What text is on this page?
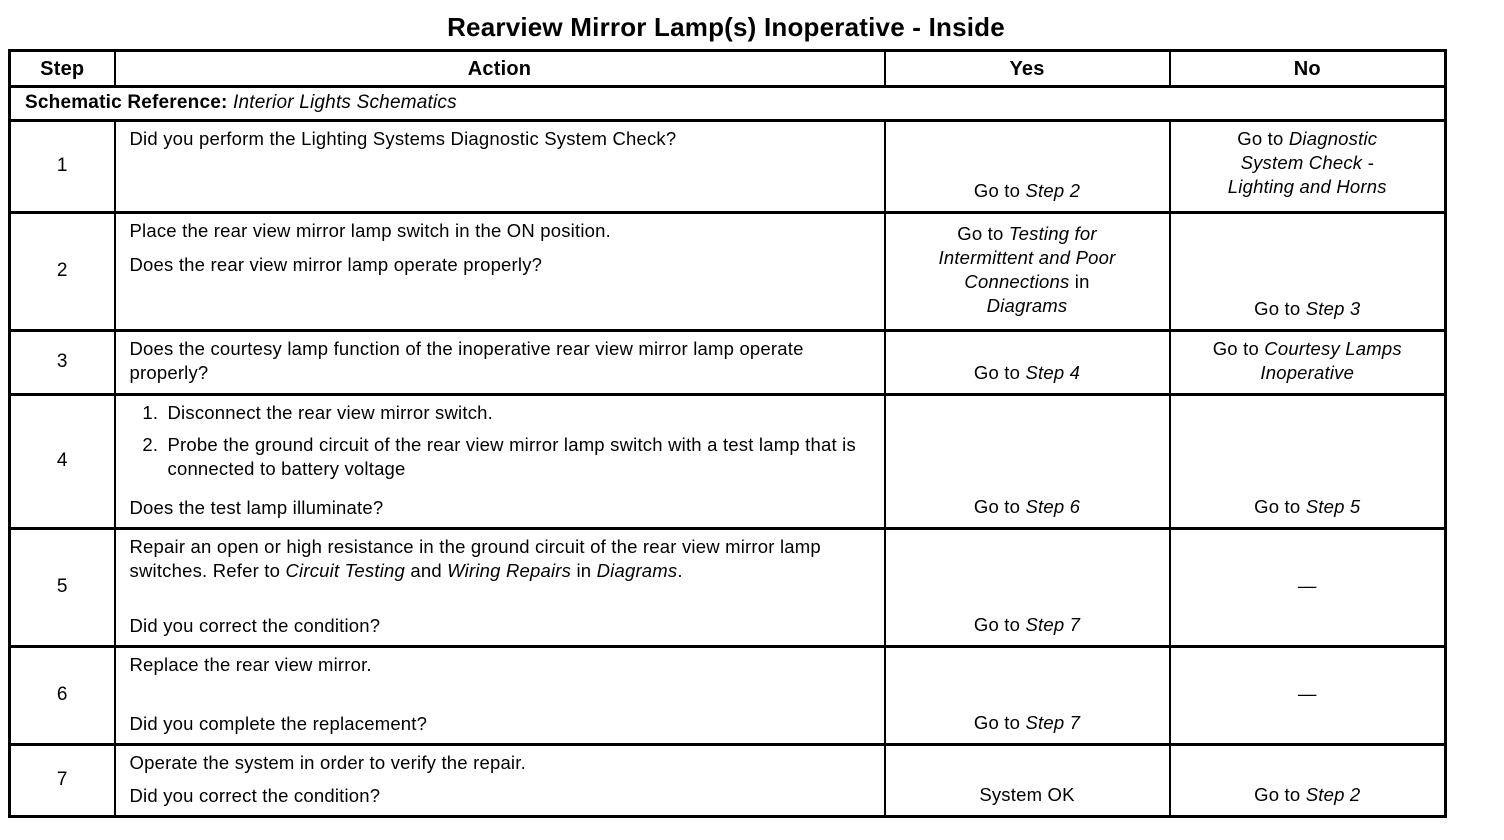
Rearview Mirror Lamp(s) Inoperative - Inside
Step	Action	Yes	No
Schematic Reference: Interior Lights Schematics			
1	Did you perform the Lighting Systems Diagnostic System Check?	Go to Step 2	Go to Diagnostic System Check - Lighting and Horns

2	Place the rear view mirror lamp switch in the ON position.
Does the rear view mirror lamp operate properly?	Go to Testing for Intermittent and Poor Connections in Diagrams	Go to Step 3

3	Does the courtesy lamp function of the inoperative rear view mirror lamp operate properly?	Go to Step 4	Go to Courtesy Lamps Inoperative

4	
1. Disconnect the rear view mirror switch.
2. Probe the ground circuit of the rear view mirror lamp switch with a test lamp that is connected to battery voltage
Does the test lamp illuminate?	Go to Step 6	Go to Step 5

5	Repair an open or high resistance in the ground circuit of the rear view mirror lamp switches. Refer to Circuit Testing and Wiring Repairs in Diagrams.
Did you correct the condition?	Go to Step 7	—

6	Replace the rear view mirror.
Did you complete the replacement?	Go to Step 7	—

7	Operate the system in order to verify the repair.
Did you correct the condition?	System OK	Go to Step 2
